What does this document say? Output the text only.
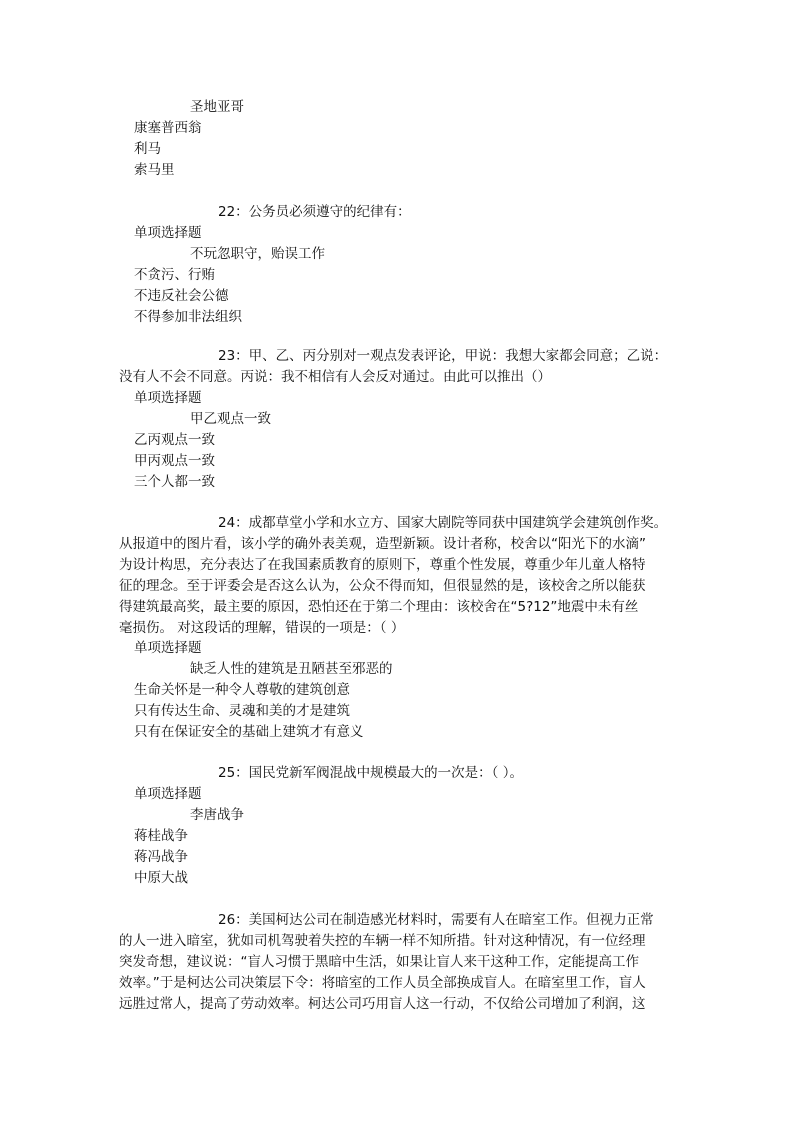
圣地亚哥
康塞普西翁
利马
索马里
22：公务员必须遵守的纪律有：
单项选择题
不玩忽职守，贻误工作
不贪污、行贿
不违反社会公德
不得参加非法组织
23：甲、乙、丙分别对一观点发表评论，甲说：我想大家都会同意；乙说：
没有人不会不同意。丙说：我不相信有人会反对通过。由此可以推出（）
单项选择题
甲乙观点一致
乙丙观点一致
甲丙观点一致
三个人都一致
24：成都草堂小学和水立方、国家大剧院等同获中国建筑学会建筑创作奖。
从报道中的图片看，该小学的确外表美观，造型新颖。设计者称，校舍以“阳光下的水滴”
为设计构思，充分表达了在我国素质教育的原则下，尊重个性发展，尊重少年儿童人格特
征的理念。至于评委会是否这么认为，公众不得而知，但很显然的是，该校舍之所以能获
得建筑最高奖，最主要的原因，恐怕还在于第二个理由：该校舍在“5?12”地震中未有丝
毫损伤。 对这段话的理解，错误的一项是：（ ）
单项选择题
缺乏人性的建筑是丑陋甚至邪恶的
生命关怀是一种令人尊敬的建筑创意
只有传达生命、灵魂和美的才是建筑
只有在保证安全的基础上建筑才有意义
25：国民党新军阀混战中规模最大的一次是：（ ）。
单项选择题
李唐战争
蒋桂战争
蒋冯战争
中原大战
26：美国柯达公司在制造感光材料时，需要有人在暗室工作。但视力正常
的人一进入暗室，犹如司机驾驶着失控的车辆一样不知所措。针对这种情况，有一位经理
突发奇想，建议说：“盲人习惯于黑暗中生活，如果让盲人来干这种工作，定能提高工作
效率。”于是柯达公司决策层下令：将暗室的工作人员全部换成盲人。在暗室里工作，盲人
远胜过常人，提高了劳动效率。柯达公司巧用盲人这一行动，不仅给公司增加了利润，这
